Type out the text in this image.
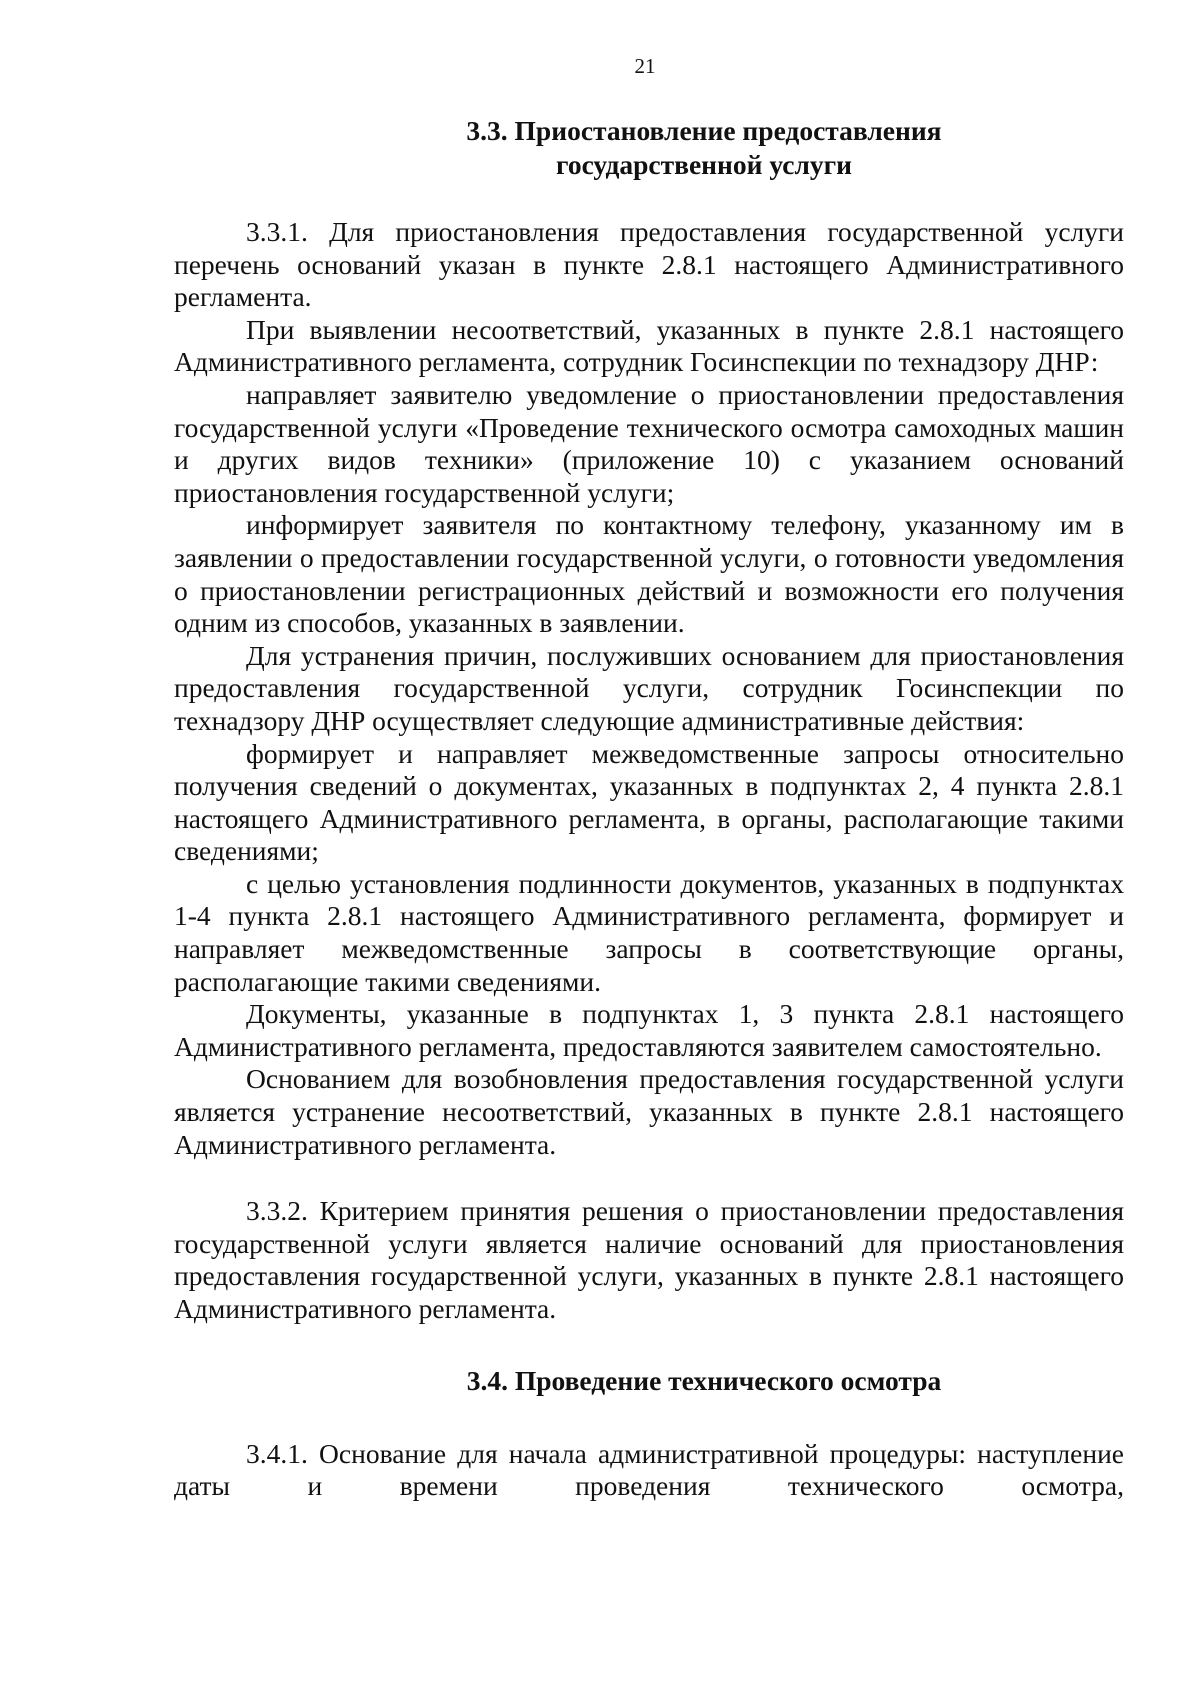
21
3.3. Приостановление предоставления
государственной услуги

3.3.1. Для приостановления предоставления государственной услуги перечень оснований указан в пункте 2.8.1 настоящего Административного регламента.

При выявлении несоответствий, указанных в пункте 2.8.1 настоящего Административного регламента, сотрудник Госинспекции по технадзору ДНР:

направляет заявителю уведомление о приостановлении предоставления государственной услуги «Проведение технического осмотра самоходных машин и других видов техники» (приложение 10) с указанием оснований приостановления государственной услуги;

информирует заявителя по контактному телефону, указанному им в заявлении о предоставлении государственной услуги, о готовности уведомления о приостановлении регистрационных действий и возможности его получения одним из способов, указанных в заявлении.

Для устранения причин, послуживших основанием для приостановления предоставления государственной услуги, сотрудник Госинспекции по технадзору ДНР осуществляет следующие административные действия:

формирует и направляет межведомственные запросы относительно получения сведений о документах, указанных в подпунктах 2, 4 пункта 2.8.1 настоящего Административного регламента, в органы, располагающие такими сведениями;

с целью установления подлинности документов, указанных в подпунктах 1-4 пункта 2.8.1 настоящего Административного регламента, формирует и направляет межведомственные запросы в соответствующие органы, располагающие такими сведениями.

Документы, указанные в подпунктах 1, 3 пункта 2.8.1 настоящего Административного регламента, предоставляются заявителем самостоятельно.

Основанием для возобновления предоставления государственной услуги является устранение несоответствий, указанных в пункте 2.8.1 настоящего Административного регламента.

3.3.2. Критерием принятия решения о приостановлении предоставления государственной услуги является наличие оснований для приостановления предоставления государственной услуги, указанных в пункте 2.8.1 настоящего Административного регламента.

3.4. Проведение технического осмотра

3.4.1. Основание для начала административной процедуры: наступление даты и времени проведения технического осмотра,
